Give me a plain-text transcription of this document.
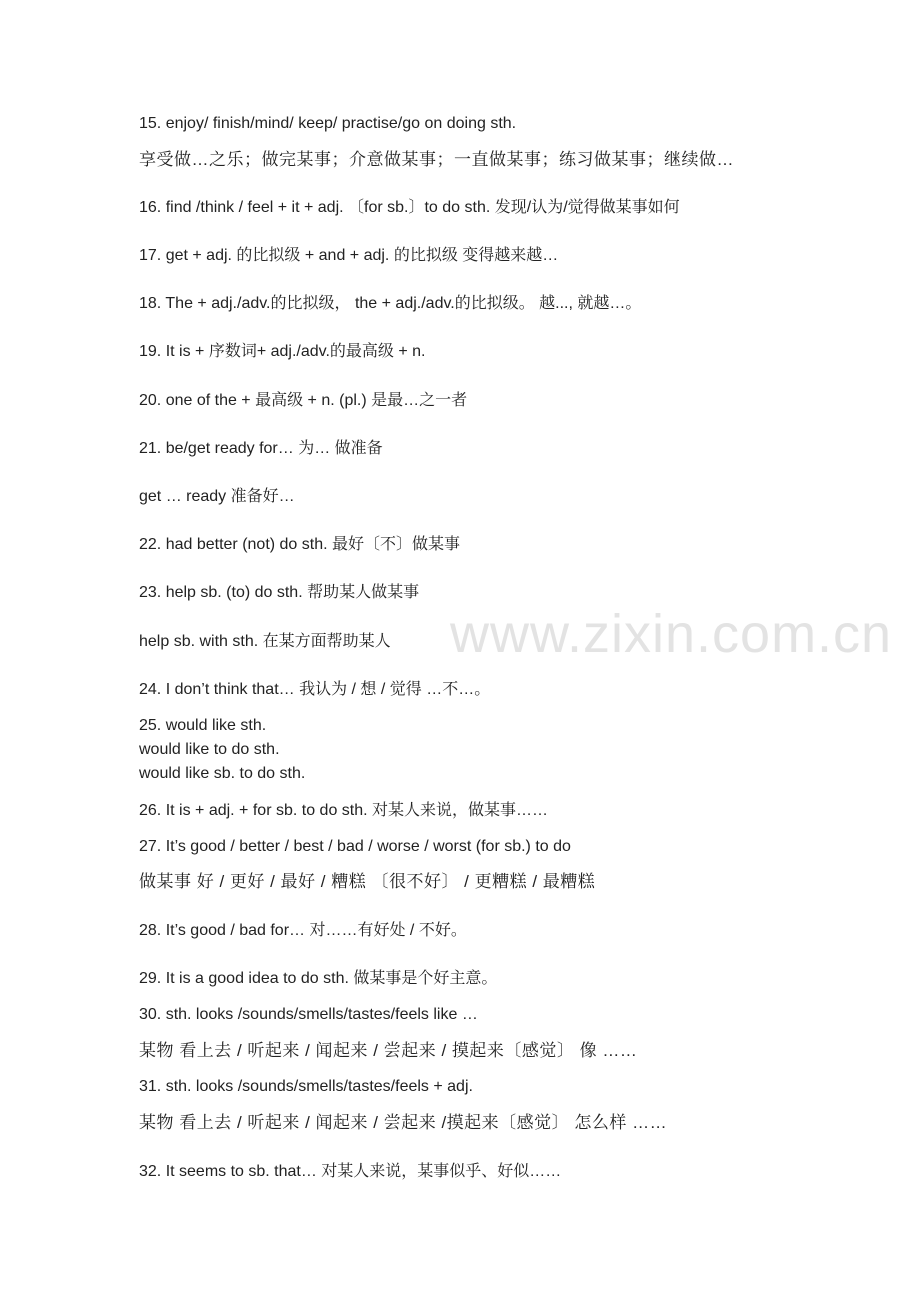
www.zixin.com.cn
15. enjoy/ finish/mind/ keep/ practise/go on doing sth.
享受做…之乐；做完某事；介意做某事；一直做某事；练习做某事；继续做…
16. find /think / feel + it + adj. 〔for sb.〕to do sth. 发现/认为/觉得做某事如何
17. get + adj. 的比拟级 + and + adj. 的比拟级 变得越来越…
18. The + adj./adv.的比拟级， the + adj./adv.的比拟级。 越..., 就越…。
19. It is + 序数词+ adj./adv.的最高级 + n.
20. one of the + 最高级 + n. (pl.) 是最…之一者
21. be/get ready for… 为… 做准备
get … ready 准备好…
22. had better (not) do sth. 最好〔不〕做某事
23. help sb. (to) do sth. 帮助某人做某事
help sb. with sth. 在某方面帮助某人
24. I don’t think that… 我认为 / 想 / 觉得 …不…。
25. would like sth.
would like to do sth.
would like sb. to do sth.
26. It is + adj. + for sb. to do sth. 对某人来说，做某事……
27. It’s good / better / best / bad / worse / worst (for sb.) to do
做某事 好 / 更好 / 最好 / 糟糕 〔很不好〕 / 更糟糕 / 最糟糕
28. It’s good / bad for… 对……有好处 / 不好。
29. It is a good idea to do sth. 做某事是个好主意。
30. sth. looks /sounds/smells/tastes/feels like …
某物 看上去 / 听起来 / 闻起来 / 尝起来 / 摸起来〔感觉〕 像 ……
31. sth. looks /sounds/smells/tastes/feels + adj.
某物 看上去 / 听起来 / 闻起来 / 尝起来 /摸起来〔感觉〕 怎么样 ……
32. It seems to sb. that… 对某人来说，某事似乎、好似……
